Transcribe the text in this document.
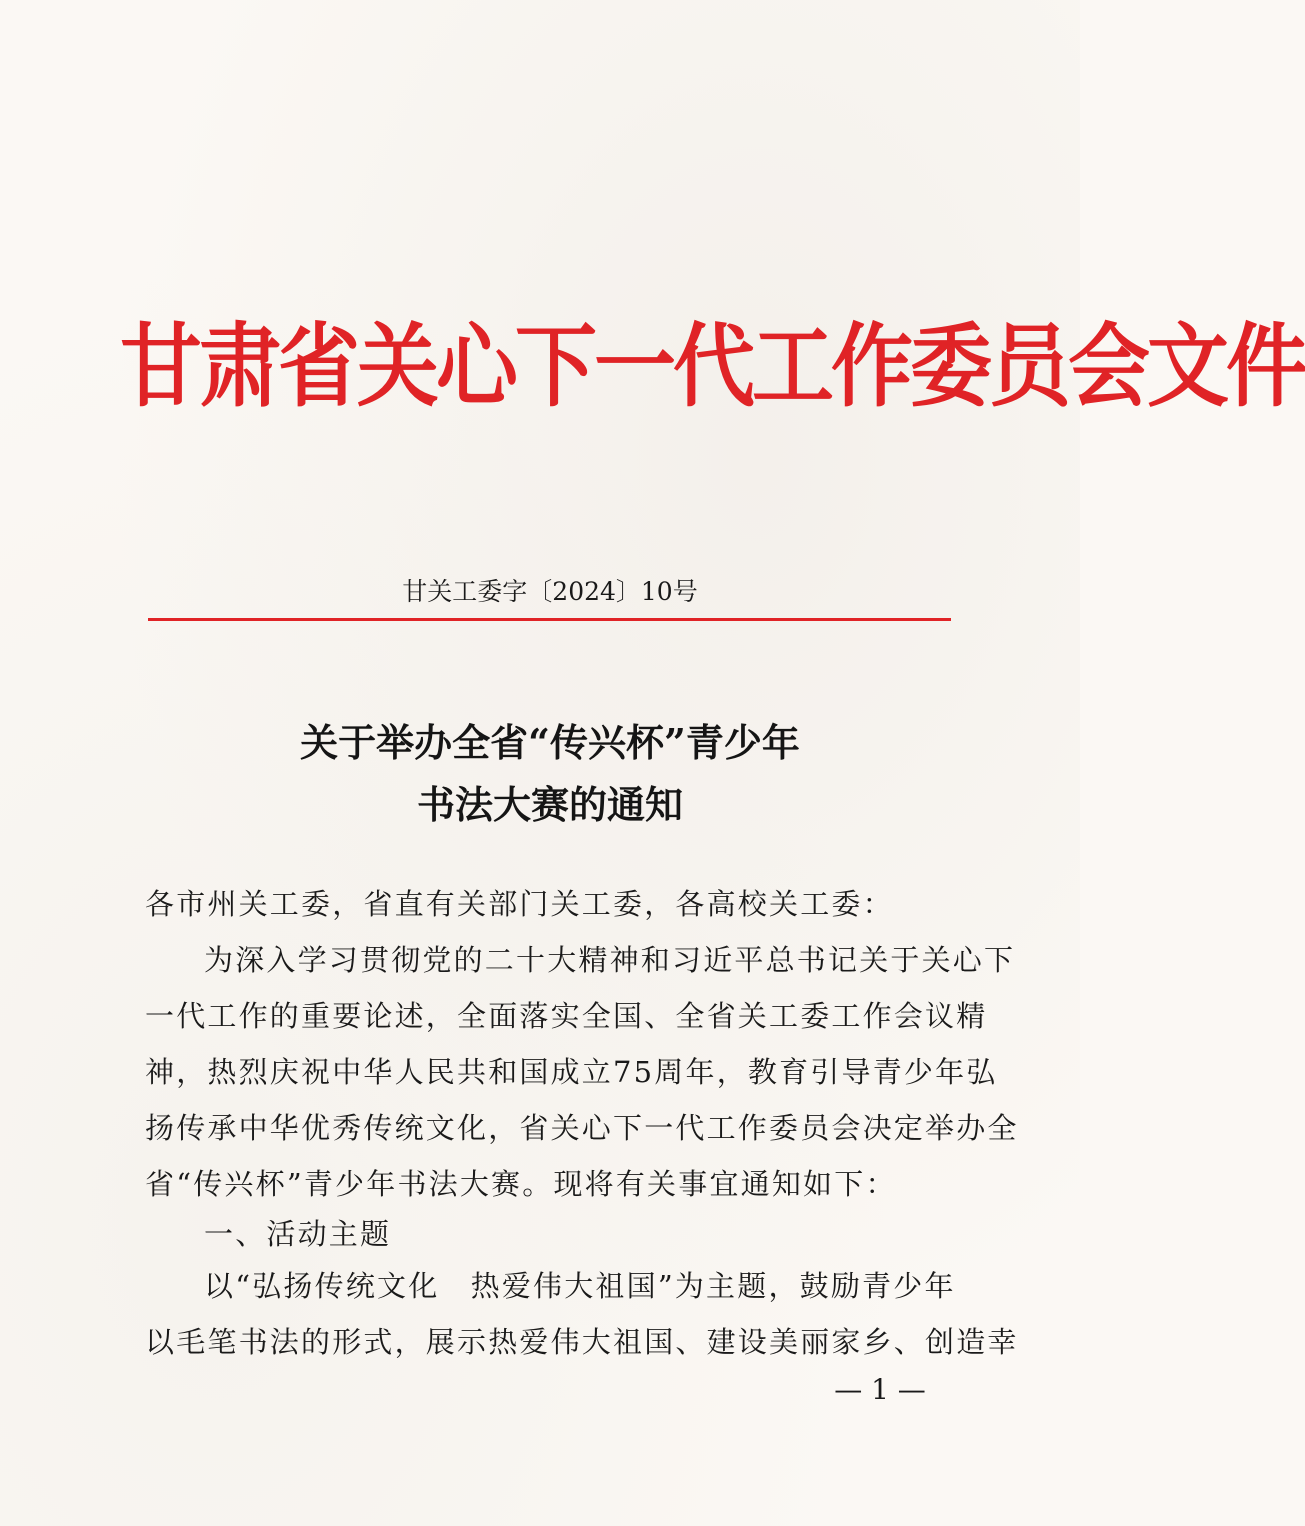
甘肃省关心下一代工作委员会文件
甘关工委字〔2024〕10号
关于举办全省“传兴杯”青少年
书法大赛的通知
各市州关工委，省直有关部门关工委，各高校关工委：
为深入学习贯彻党的二十大精神和习近平总书记关于关心下
一代工作的重要论述，全面落实全国、全省关工委工作会议精
神，热烈庆祝中华人民共和国成立75周年，教育引导青少年弘
扬传承中华优秀传统文化，省关心下一代工作委员会决定举办全
省“传兴杯”青少年书法大赛。现将有关事宜通知如下：
一、活动主题
以“弘扬传统文化　热爱伟大祖国”为主题，鼓励青少年
以毛笔书法的形式，展示热爱伟大祖国、建设美丽家乡、创造幸
— 1 —
